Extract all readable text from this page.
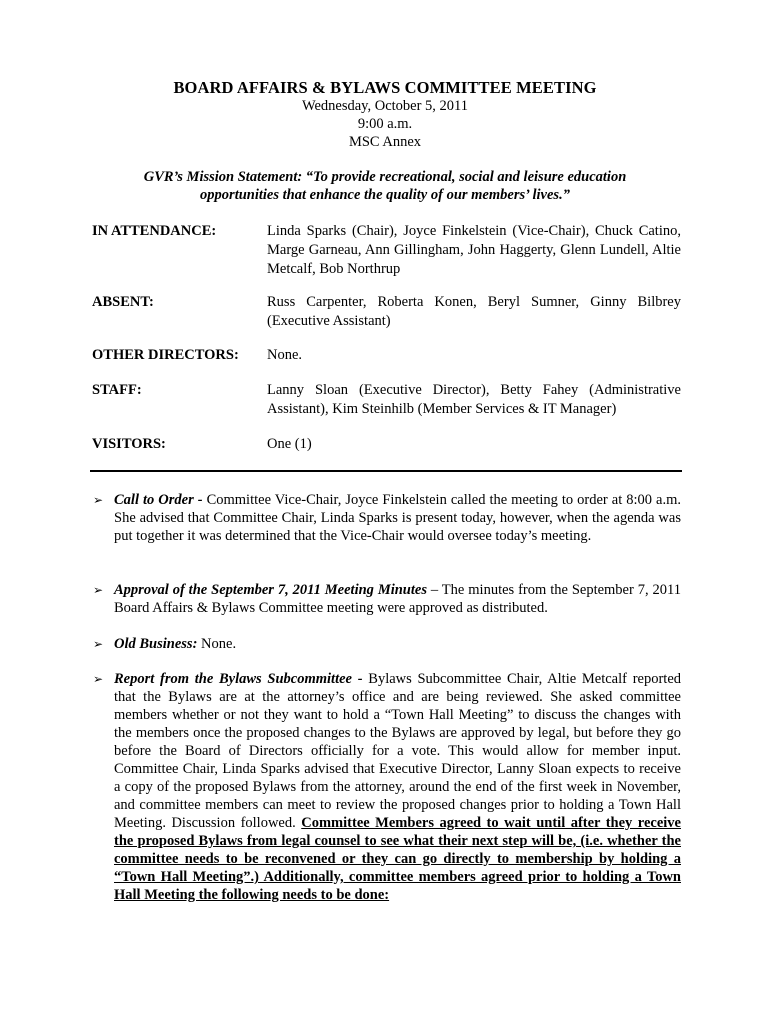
BOARD AFFAIRS & BYLAWS COMMITTEE MEETING
Wednesday, October 5, 2011
9:00 a.m.
MSC Annex
GVR’s Mission Statement: “To provide recreational, social and leisure education
opportunities that enhance the quality of our members’ lives.”
IN ATTENDANCE:	Linda Sparks (Chair), Joyce Finkelstein (Vice-Chair), Chuck Catino, Marge Garneau, Ann Gillingham, John Haggerty, Glenn Lundell, Altie Metcalf, Bob Northrup
ABSENT:	Russ Carpenter, Roberta Konen, Beryl Sumner, Ginny Bilbrey (Executive Assistant)
OTHER DIRECTORS: None.
STAFF:	Lanny Sloan (Executive Director), Betty Fahey (Administrative Assistant), Kim Steinhilb (Member Services & IT Manager)
VISITORS:	One (1)
➢ Call to Order - Committee Vice-Chair, Joyce Finkelstein called the meeting to order at 8:00 a.m. She advised that Committee Chair, Linda Sparks is present today, however, when the agenda was put together it was determined that the Vice-Chair would oversee today’s meeting.
➢ Approval of the September 7, 2011 Meeting Minutes – The minutes from the September 7, 2011 Board Affairs & Bylaws Committee meeting were approved as distributed.
➢ Old Business: None.
➢ Report from the Bylaws Subcommittee - Bylaws Subcommittee Chair, Altie Metcalf reported that the Bylaws are at the attorney’s office and are being reviewed. She asked committee members whether or not they want to hold a “Town Hall Meeting” to discuss the changes with the members once the proposed changes to the Bylaws are approved by legal, but before they go before the Board of Directors officially for a vote. This would allow for member input. Committee Chair, Linda Sparks advised that Executive Director, Lanny Sloan expects to receive a copy of the proposed Bylaws from the attorney, around the end of the first week in November, and committee members can meet to review the proposed changes prior to holding a Town Hall Meeting. Discussion followed. Committee Members agreed to wait until after they receive the proposed Bylaws from legal counsel to see what their next step will be, (i.e. whether the committee needs to be reconvened or they can go directly to membership by holding a “Town Hall Meeting”.) Additionally, committee members agreed prior to holding a Town Hall Meeting the following needs to be done:
